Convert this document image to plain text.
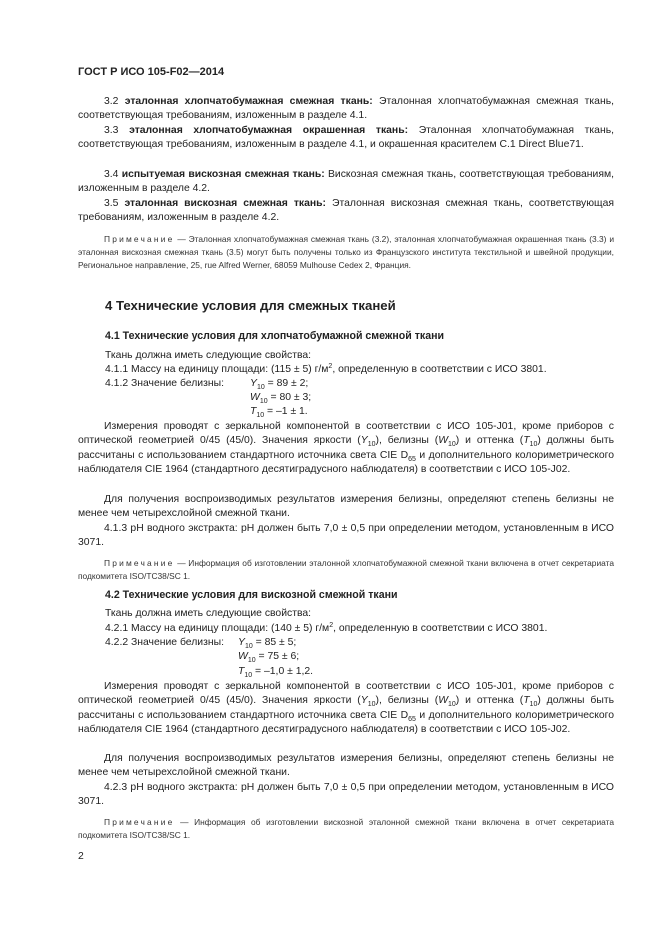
ГОСТ Р ИСО 105-F02—2014
3.2 эталонная хлопчатобумажная смежная ткань: Эталонная хлопчатобумажная смежная ткань, соответствующая требованиям, изложенным в разделе 4.1.
3.3 эталонная хлопчатобумажная окрашенная ткань: Эталонная хлопчатобумажная ткань, соответствующая требованиям, изложенным в разделе 4.1, и окрашенная красителем С.1 Direct Blue71.
3.4 испытуемая вискозная смежная ткань: Вискозная смежная ткань, соответствующая требованиям, изложенным в разделе 4.2.
3.5 эталонная вискозная смежная ткань: Эталонная вискозная смежная ткань, соответствующая требованиям, изложенным в разделе 4.2.
Примечание — Эталонная хлопчатобумажная смежная ткань (3.2), эталонная хлопчатобумажная окрашенная ткань (3.3) и эталонная вискозная смежная ткань (3.5) могут быть получены только из Французского института текстильной и швейной продукции, Региональное направление, 25, rue Alfred Werner, 68059 Mulhouse Cedex 2, Франция.
4 Технические условия для смежных тканей
4.1 Технические условия для хлопчатобумажной смежной ткани
Ткань должна иметь следующие свойства:
4.1.1 Массу на единицу площади: (115 ± 5) $г/м^2$, определенную в соответствии с ИСО 3801.
4.1.2 Значение белизны:	$Y_{10} = 89 \pm 2$;
$W_{10} = 80 \pm 3$;
$T_{10} = -1 \pm 1$.
Измерения проводят с зеркальной компонентой в соответствии с ИСО 105-J01, кроме приборов с оптической геометрией 0/45 (45/0). Значения яркости $(Y_{10})$, белизны $(W_{10})$ и оттенка $(T_{10})$ должны быть рассчитаны с использованием стандартного источника света CIE $D_{65}$ и дополнительного колориметрического наблюдателя CIE 1964 (стандартного десятиградусного наблюдателя) в соответствии с ИСО 105-J02.
Для получения воспроизводимых результатов измерения белизны, определяют степень белизны не менее чем четырехслойной смежной ткани.
4.1.3 рН водного экстракта: рН должен быть 7,0 ± 0,5 при определении методом, установленным в ИСО 3071.
Примечание — Информация об изготовлении эталонной хлопчатобумажной смежной ткани включена в отчет секретариата подкомитета ISO/TC38/SC 1.
4.2 Технические условия для вискозной смежной ткани
Ткань должна иметь следующие свойства:
4.2.1 Массу на единицу площади: (140 ± 5) $г/м^2$, определенную в соответствии с ИСО 3801.
4.2.2 Значение белизны: $Y_{10} = 85 \pm 5$;
$W_{10} = 75 \pm 6$;
$T_{10} = -1,0 \pm 1,2$.
Измерения проводят с зеркальной компонентой в соответствии с ИСО 105-J01, кроме приборов с оптической геометрией 0/45 (45/0). Значения яркости $(Y_{10})$, белизны $(W_{10})$ и оттенка $(T_{10})$ должны быть рассчитаны с использованием стандартного источника света CIE $D_{65}$ и дополнительного колориметрического наблюдателя CIE 1964 (стандартного десятиградусного наблюдателя) в соответствии с ИСО 105-J02.
Для получения воспроизводимых результатов измерения белизны, определяют степень белизны не менее чем четырехслойной смежной ткани.
4.2.3 рН водного экстракта: рН должен быть 7,0 ± 0,5 при определении методом, установленным в ИСО 3071.
Примечание — Информация об изготовлении вискозной эталонной смежной ткани включена в отчет секретариата подкомитета ISO/TC38/SC 1.
2
